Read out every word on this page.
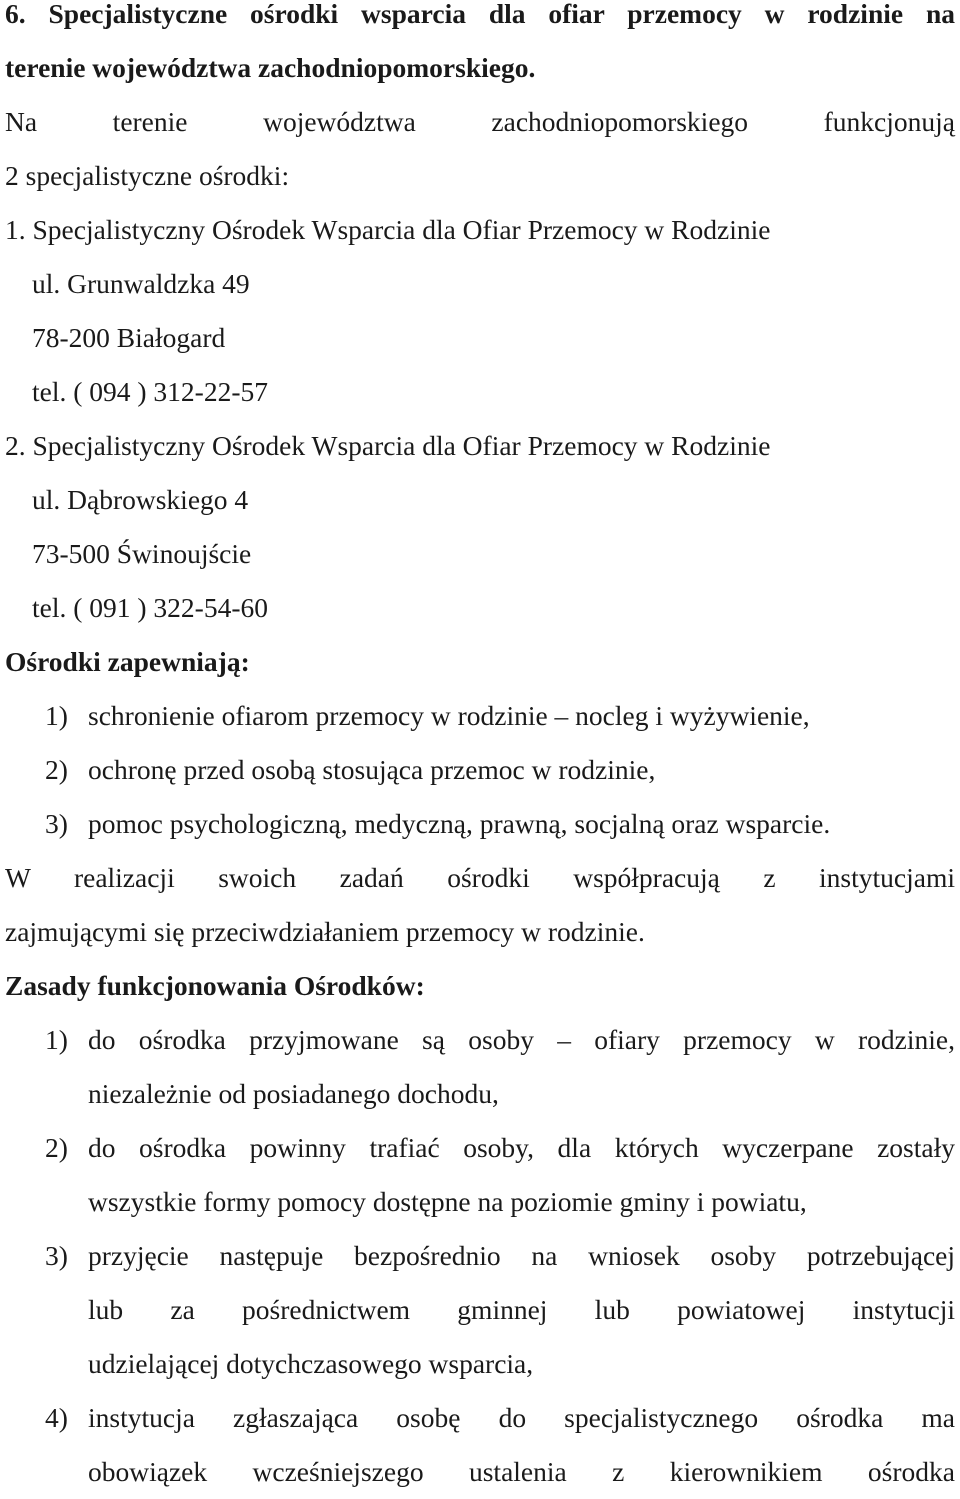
6. Specjalistyczne ośrodki wsparcia dla ofiar przemocy w rodzinie na
terenie województwa zachodniopomorskiego.
Na terenie województwa zachodniopomorskiego funkcjonują
2 specjalistyczne ośrodki:
1. Specjalistyczny Ośrodek Wsparcia dla Ofiar Przemocy w Rodzinie
ul. Grunwaldzka 49
78-200 Białogard
tel. ( 094 ) 312-22-57
2. Specjalistyczny Ośrodek Wsparcia dla Ofiar Przemocy w Rodzinie
ul. Dąbrowskiego 4
73-500 Świnoujście
tel. ( 091 ) 322-54-60
Ośrodki zapewniają:
1) schronienie ofiarom przemocy w rodzinie – nocleg i wyżywienie,
2) ochronę przed osobą stosująca przemoc w rodzinie,
3) pomoc psychologiczną, medyczną, prawną, socjalną oraz wsparcie.
W realizacji swoich zadań ośrodki współpracują z instytucjami
zajmującymi się przeciwdziałaniem przemocy w rodzinie.
Zasady funkcjonowania Ośrodków:
1) do ośrodka przyjmowane są osoby – ofiary przemocy w rodzinie,
niezależnie od posiadanego dochodu,
2) do ośrodka powinny trafiać osoby, dla których wyczerpane zostały
wszystkie formy pomocy dostępne na poziomie gminy i powiatu,
3) przyjęcie następuje bezpośrednio na wniosek osoby potrzebującej
lub za pośrednictwem gminnej lub powiatowej instytucji
udzielającej dotychczasowego wsparcia,
4) instytucja zgłaszająca osobę do specjalistycznego ośrodka ma
obowiązek wcześniejszego ustalenia z kierownikiem ośrodka
